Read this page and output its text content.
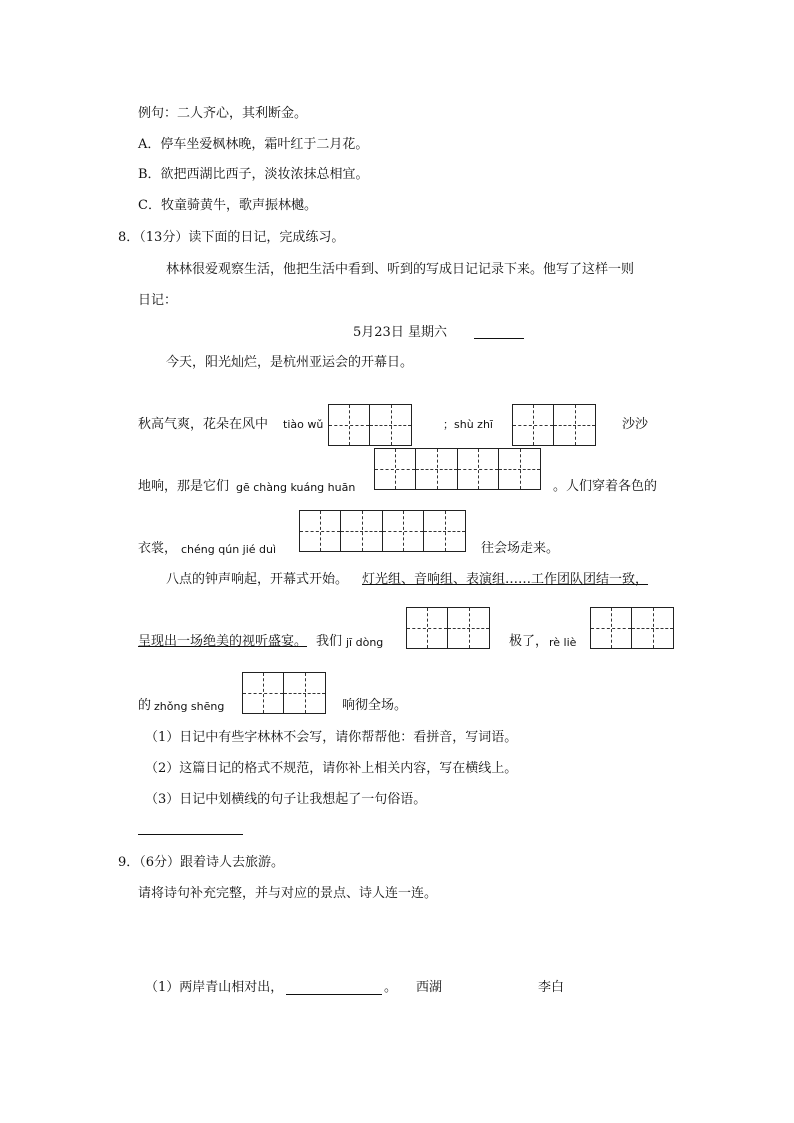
例句：二人齐心，其利断金。
A．停车坐爱枫林晚，霜叶红于二月花。
B．欲把西湖比西子，淡妆浓抹总相宜。
C．牧童骑黄牛，歌声振林樾。
8．（13分）读下面的日记，完成练习。
林林很爱观察生活，他把生活中看到、听到的写成日记记录下来。他写了这样一则
日记：
5月23日 星期六
今天，阳光灿烂，是杭州亚运会的开幕日。
秋高气爽，花朵在风中 tiào wǔ	；shù zhī	沙沙
地响，那是它们 gē chàng kuáng huān	。人们穿着各色的
衣裳， chéng qún jié duì	往会场走来。
八点的钟声响起，开幕式开始。 灯光组、音响组、表演组……工作团队团结一致，
呈现出一场绝美的视听盛宴。 我们 jī dòng	极了， rè liè
的 zhǒng shēng	响彻全场。
（1）日记中有些字林林不会写，请你帮帮他：看拼音，写词语。
（2）这篇日记的格式不规范，请你补上相关内容，写在横线上。
（3）日记中划横线的句子让我想起了一句俗语。
9．（6分）跟着诗人去旅游。
请将诗句补充完整，并与对应的景点、诗人连一连。
（1）两岸青山相对出，	。 西湖	李白
